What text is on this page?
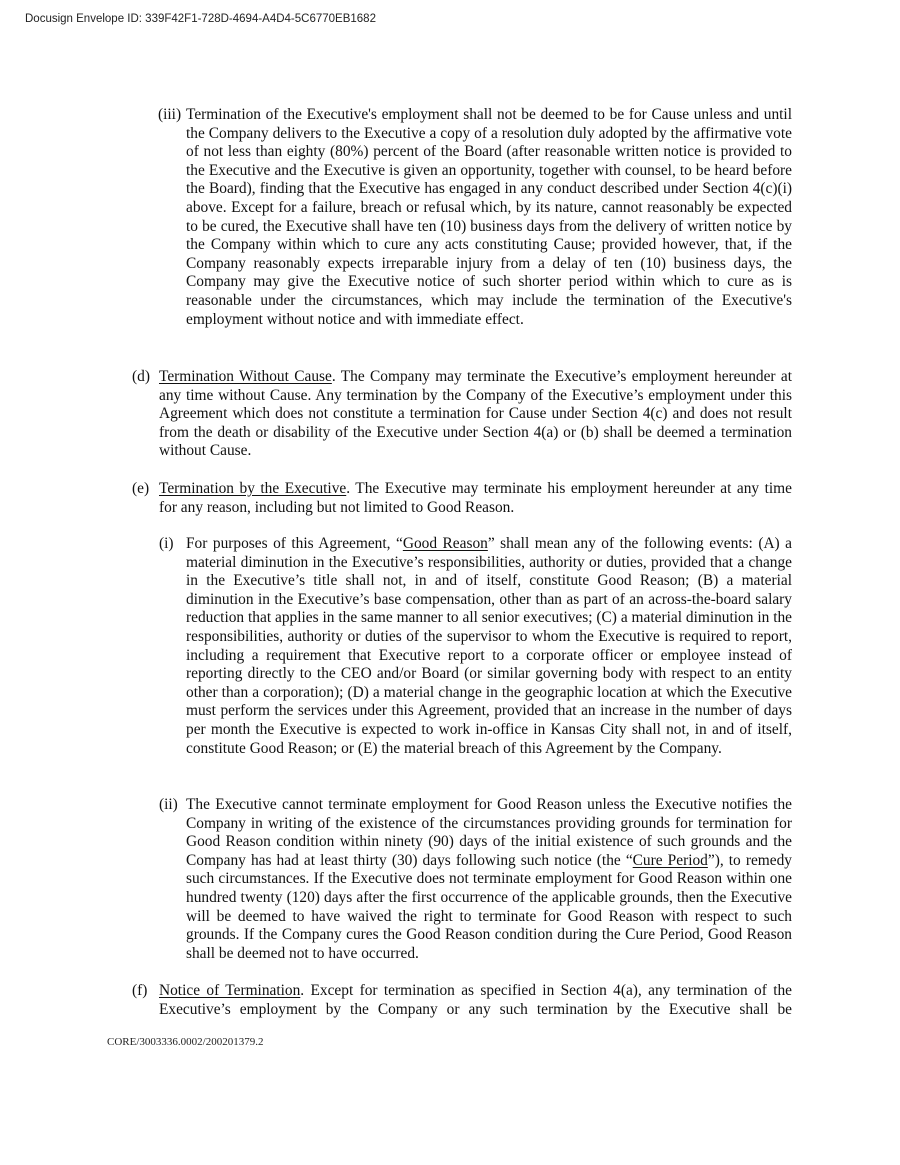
Docusign Envelope ID: 339F42F1-728D-4694-A4D4-5C6770EB1682
(iii) Termination of the Executive's employment shall not be deemed to be for Cause unless and until the Company delivers to the Executive a copy of a resolution duly adopted by the affirmative vote of not less than eighty (80%) percent of the Board (after reasonable written notice is provided to the Executive and the Executive is given an opportunity, together with counsel, to be heard before the Board), finding that the Executive has engaged in any conduct described under Section 4(c)(i) above. Except for a failure, breach or refusal which, by its nature, cannot reasonably be expected to be cured, the Executive shall have ten (10) business days from the delivery of written notice by the Company within which to cure any acts constituting Cause; provided however, that, if the Company reasonably expects irreparable injury from a delay of ten (10) business days, the Company may give the Executive notice of such shorter period within which to cure as is reasonable under the circumstances, which may include the termination of the Executive's employment without notice and with immediate effect.
(d) Termination Without Cause. The Company may terminate the Executive’s employment hereunder at any time without Cause. Any termination by the Company of the Executive’s employment under this Agreement which does not constitute a termination for Cause under Section 4(c) and does not result from the death or disability of the Executive under Section 4(a) or (b) shall be deemed a termination without Cause.
(e) Termination by the Executive. The Executive may terminate his employment hereunder at any time for any reason, including but not limited to Good Reason.
(i) For purposes of this Agreement, “Good Reason” shall mean any of the following events: (A) a material diminution in the Executive’s responsibilities, authority or duties, provided that a change in the Executive’s title shall not, in and of itself, constitute Good Reason; (B) a material diminution in the Executive’s base compensation, other than as part of an across-the-board salary reduction that applies in the same manner to all senior executives; (C) a material diminution in the responsibilities, authority or duties of the supervisor to whom the Executive is required to report, including a requirement that Executive report to a corporate officer or employee instead of reporting directly to the CEO and/or Board (or similar governing body with respect to an entity other than a corporation); (D) a material change in the geographic location at which the Executive must perform the services under this Agreement, provided that an increase in the number of days per month the Executive is expected to work in-office in Kansas City shall not, in and of itself, constitute Good Reason; or (E) the material breach of this Agreement by the Company.
(ii) The Executive cannot terminate employment for Good Reason unless the Executive notifies the Company in writing of the existence of the circumstances providing grounds for termination for Good Reason condition within ninety (90) days of the initial existence of such grounds and the Company has had at least thirty (30) days following such notice (the “Cure Period”), to remedy such circumstances. If the Executive does not terminate employment for Good Reason within one hundred twenty (120) days after the first occurrence of the applicable grounds, then the Executive will be deemed to have waived the right to terminate for Good Reason with respect to such grounds. If the Company cures the Good Reason condition during the Cure Period, Good Reason shall be deemed not to have occurred.
(f) Notice of Termination. Except for termination as specified in Section 4(a), any termination of the Executive’s employment by the Company or any such termination by the Executive shall be
CORE/3003336.0002/200201379.2
